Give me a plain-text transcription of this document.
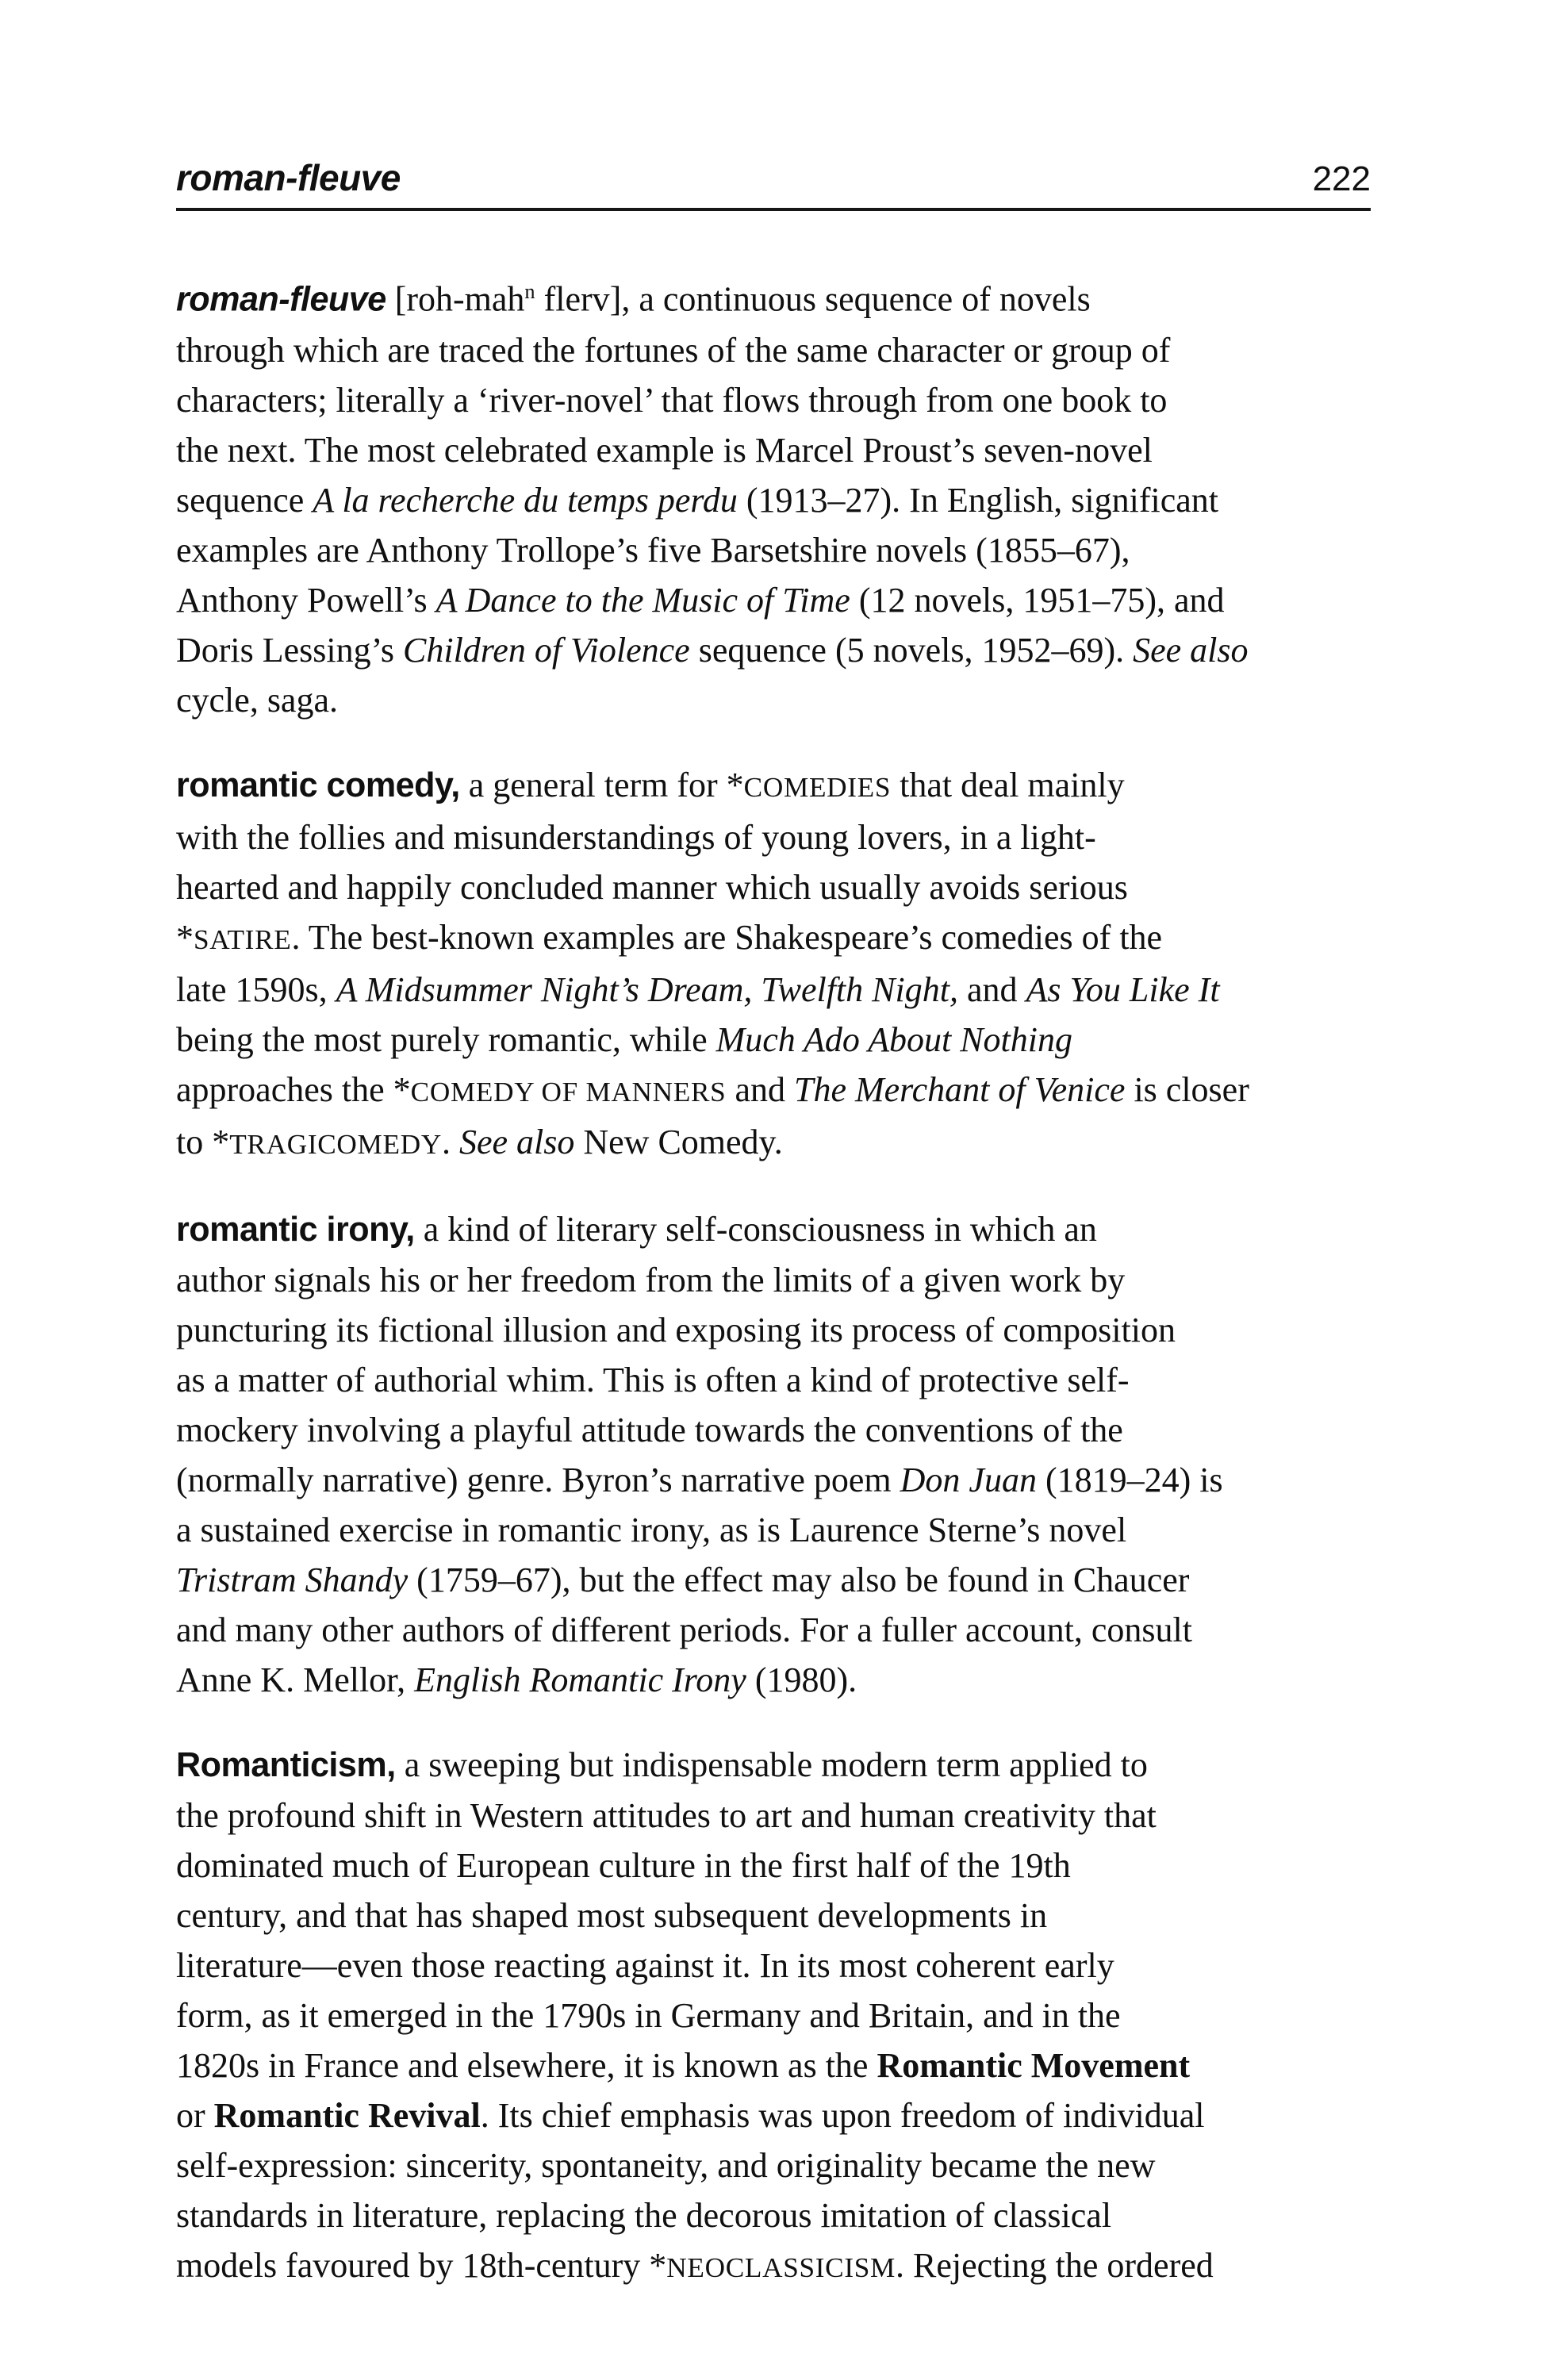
roman-fleuve	222
roman-fleuve [roh-mah$^n$ flerv], a continuous sequence of novels
through which are traced the fortunes of the same character or group of
characters; literally a ‘river-novel’ that flows through from one book to
the next. The most celebrated example is Marcel Proust’s seven-novel
sequence A la recherche du temps perdu (1913–27). In English, significant
examples are Anthony Trollope’s five Barsetshire novels (1855–67),
Anthony Powell’s A Dance to the Music of Time (12 novels, 1951–75), and
Doris Lessing’s Children of Violence sequence (5 novels, 1952–69). See also
cycle, saga.
romantic comedy, a general term for *COMEDIES that deal mainly
with the follies and misunderstandings of young lovers, in a light-
hearted and happily concluded manner which usually avoids serious
*SATIRE. The best-known examples are Shakespeare’s comedies of the
late 1590s, A Midsummer Night’s Dream, Twelfth Night, and As You Like It
being the most purely romantic, while Much Ado About Nothing
approaches the *COMEDY OF MANNERS and The Merchant of Venice is closer
to *TRAGICOMEDY. See also New Comedy.
romantic irony, a kind of literary self-consciousness in which an
author signals his or her freedom from the limits of a given work by
puncturing its fictional illusion and exposing its process of composition
as a matter of authorial whim. This is often a kind of protective self-
mockery involving a playful attitude towards the conventions of the
(normally narrative) genre. Byron’s narrative poem Don Juan (1819–24) is
a sustained exercise in romantic irony, as is Laurence Sterne’s novel
Tristram Shandy (1759–67), but the effect may also be found in Chaucer
and many other authors of different periods. For a fuller account, consult
Anne K. Mellor, English Romantic Irony (1980).
Romanticism, a sweeping but indispensable modern term applied to
the profound shift in Western attitudes to art and human creativity that
dominated much of European culture in the first half of the 19th
century, and that has shaped most subsequent developments in
literature—even those reacting against it. In its most coherent early
form, as it emerged in the 1790s in Germany and Britain, and in the
1820s in France and elsewhere, it is known as the Romantic Movement
or Romantic Revival. Its chief emphasis was upon freedom of individual
self-expression: sincerity, spontaneity, and originality became the new
standards in literature, replacing the decorous imitation of classical
models favoured by 18th-century *NEOCLASSICISM. Rejecting the ordered
